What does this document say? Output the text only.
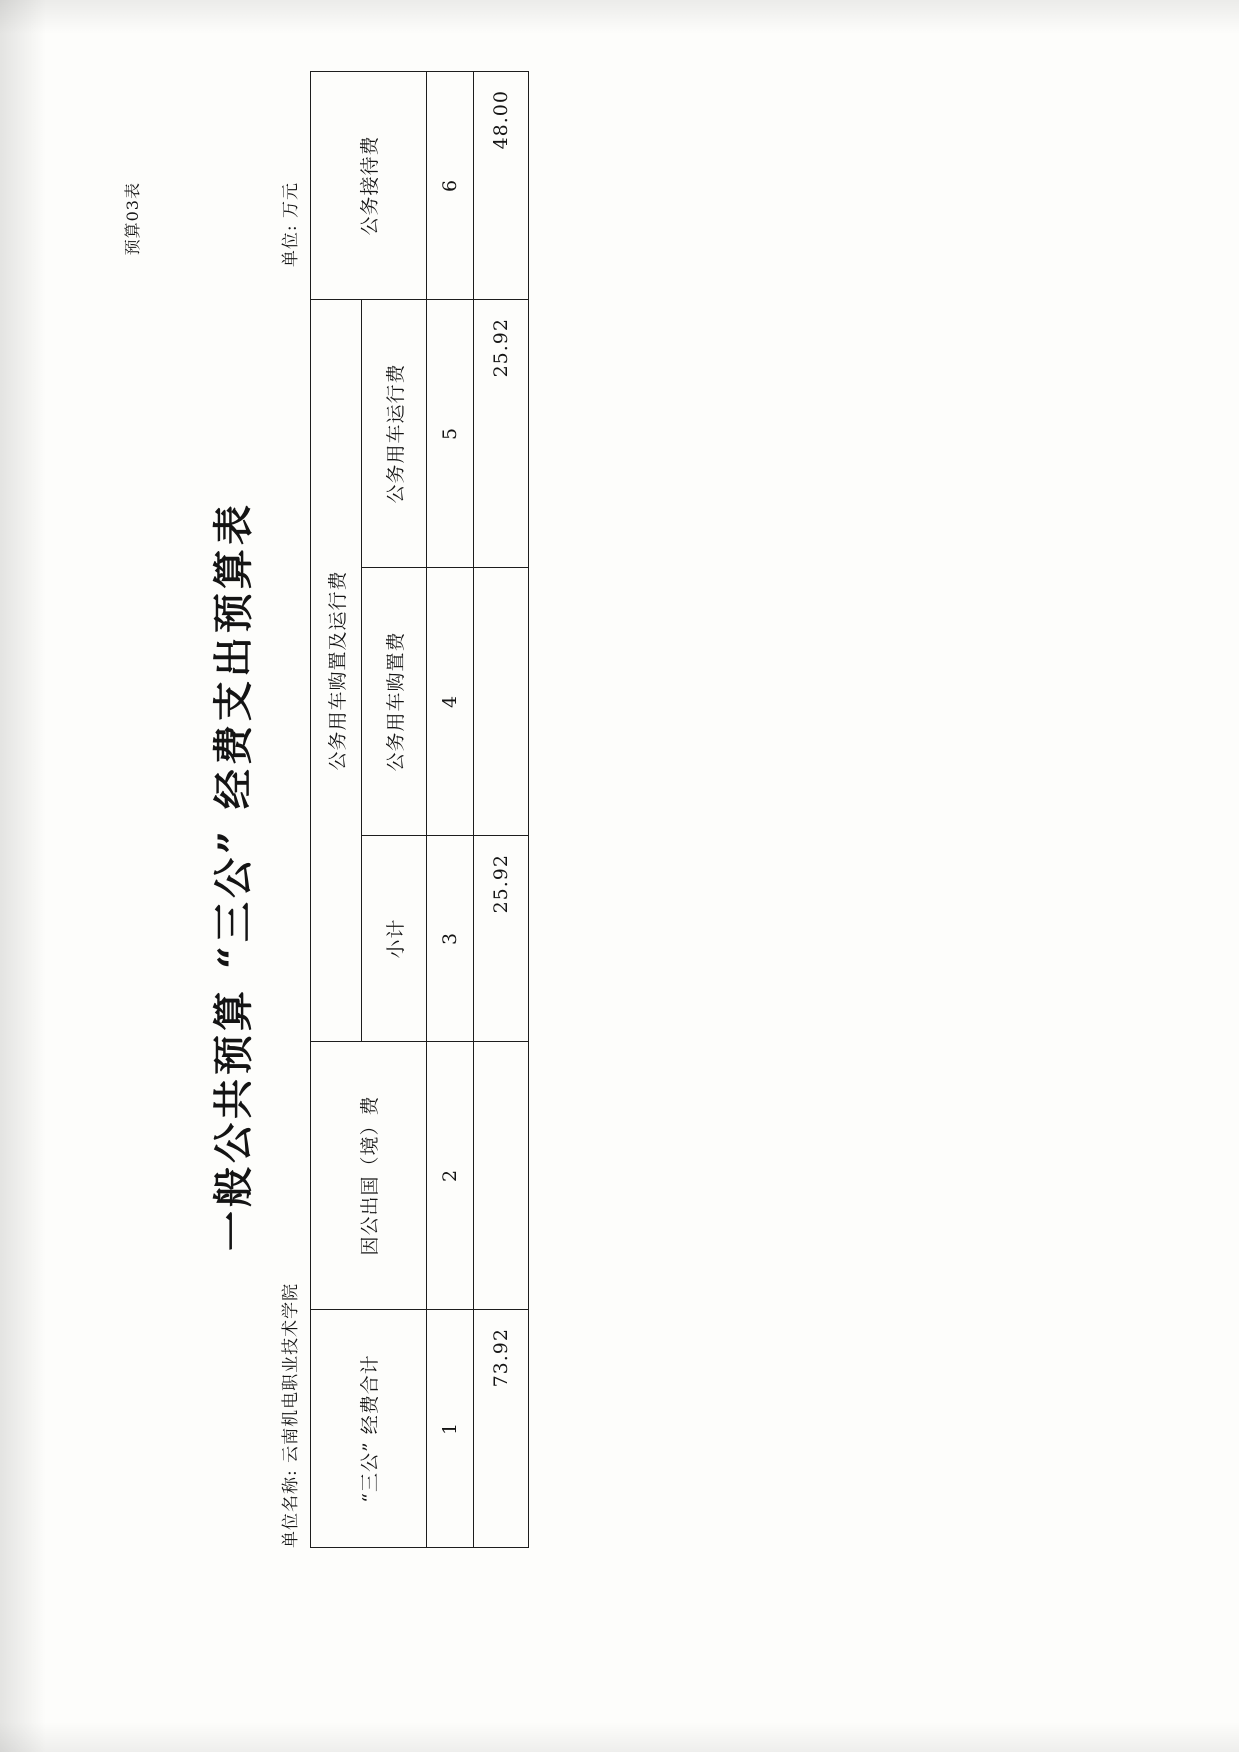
预算03表
一般公共预算 “三公” 经费支出预算表
单位名称: 云南机电职业技术学院
单位: 万元
“三公” 经费合计	因公出国（境）费	公务用车购置及运行费			公务接待费
		小计	公务用车购置费	公务用车运行费	
1	2	3	4	5	6
73.92		25.92		25.92	48.00
